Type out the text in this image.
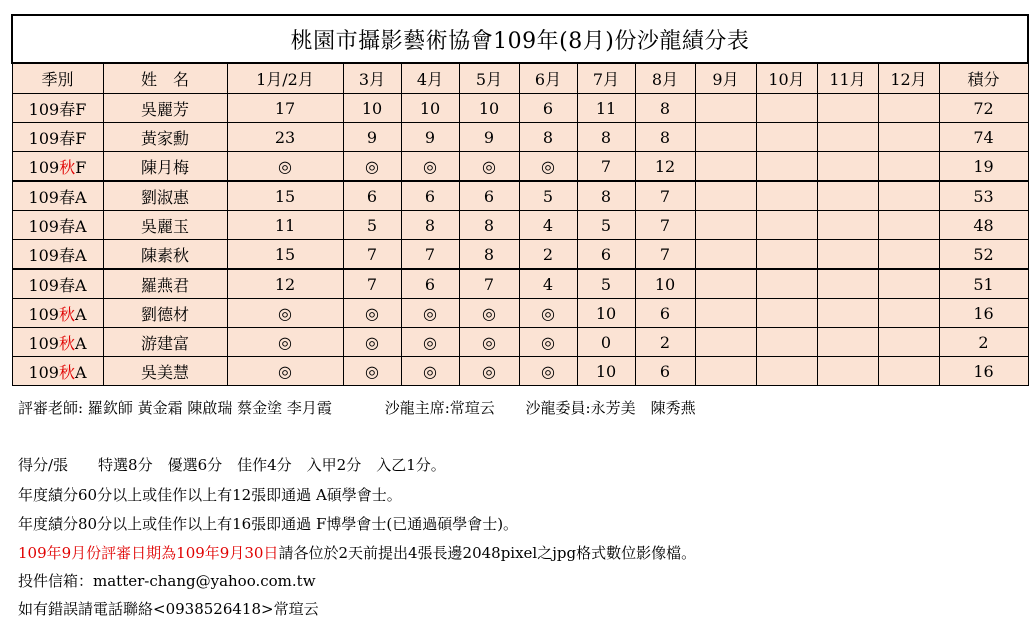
桃園市攝影藝術協會109年(8月)份沙龍績分表													
季別	姓　名	1月/2月	3月	4月	5月	6月	7月	8月	9月	10月	11月	12月	積分
109春F	吳麗芳	17	10	10	10	6	11	8					72
109春F	黃家勳	23	9	9	9	8	8	8					74
109秋F	陳月梅	◎	◎	◎	◎	◎	7	12					19
109春A	劉淑惠	15	6	6	6	5	8	7					53
109春A	吳麗玉	11	5	8	8	4	5	7					48
109春A	陳素秋	15	7	7	8	2	6	7					52
109春A	羅燕君	12	7	6	7	4	5	10					51
109秋A	劉德材	◎	◎	◎	◎	◎	10	6					16
109秋A	游建富	◎	◎	◎	◎	◎	0	2					2
109秋A	吳美慧	◎	◎	◎	◎	◎	10	6					16
評審老師: 羅欽師 黃金霜 陳啟瑞 蔡金塗 李月霞	沙龍主席:常瑄云 沙龍委員:永芳美　陳秀燕
得分/張　　特選8分　優選6分　佳作4分　入甲2分　入乙1分。
年度績分60分以上或佳作以上有12張即通過 A碩學會士。
年度績分80分以上或佳作以上有16張即通過 F博學會士(已通過碩學會士)。
109年9月份評審日期為109年9月30日請各位於2天前提出4張長邊2048pixel之jpg格式數位影像檔。
投件信箱：matter-chang@yahoo.com.tw
如有錯誤請電話聯絡<0938526418>常瑄云
